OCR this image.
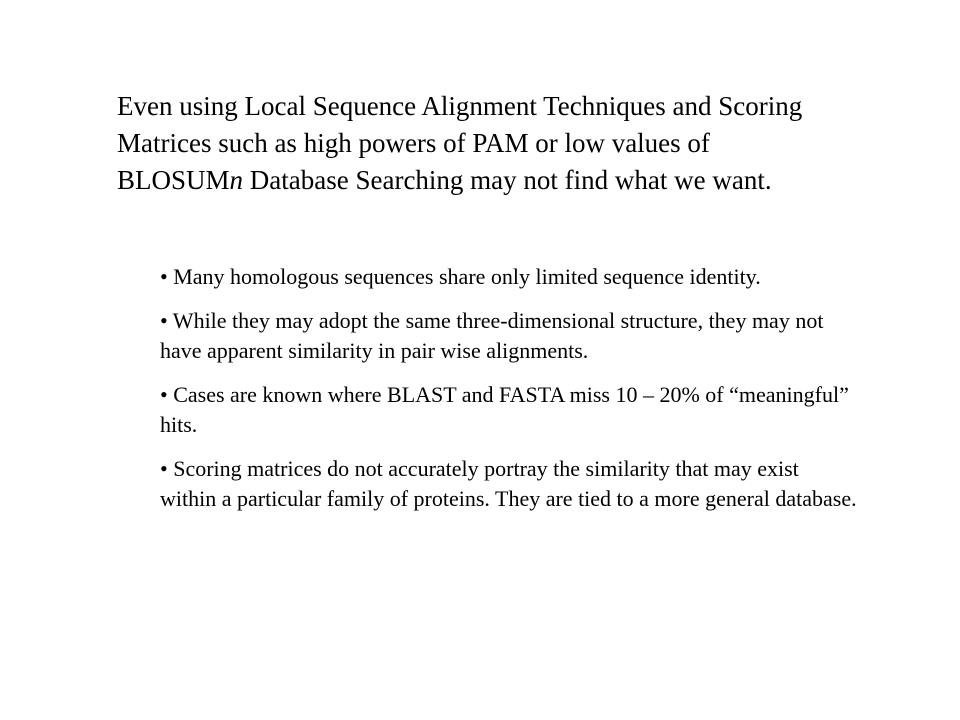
Even using Local Sequence Alignment Techniques and Scoring Matrices such as high powers of PAM or low values of BLOSUMn Database Searching may not find what we want.

• Many homologous sequences share only limited sequence identity.
• While they may adopt the same three-dimensional structure, they may not have apparent similarity in pair wise alignments.
• Cases are known where BLAST and FASTA miss 10 – 20% of “meaningful” hits.
• Scoring matrices do not accurately portray the similarity that may exist within a particular family of proteins. They are tied to a more general database.
